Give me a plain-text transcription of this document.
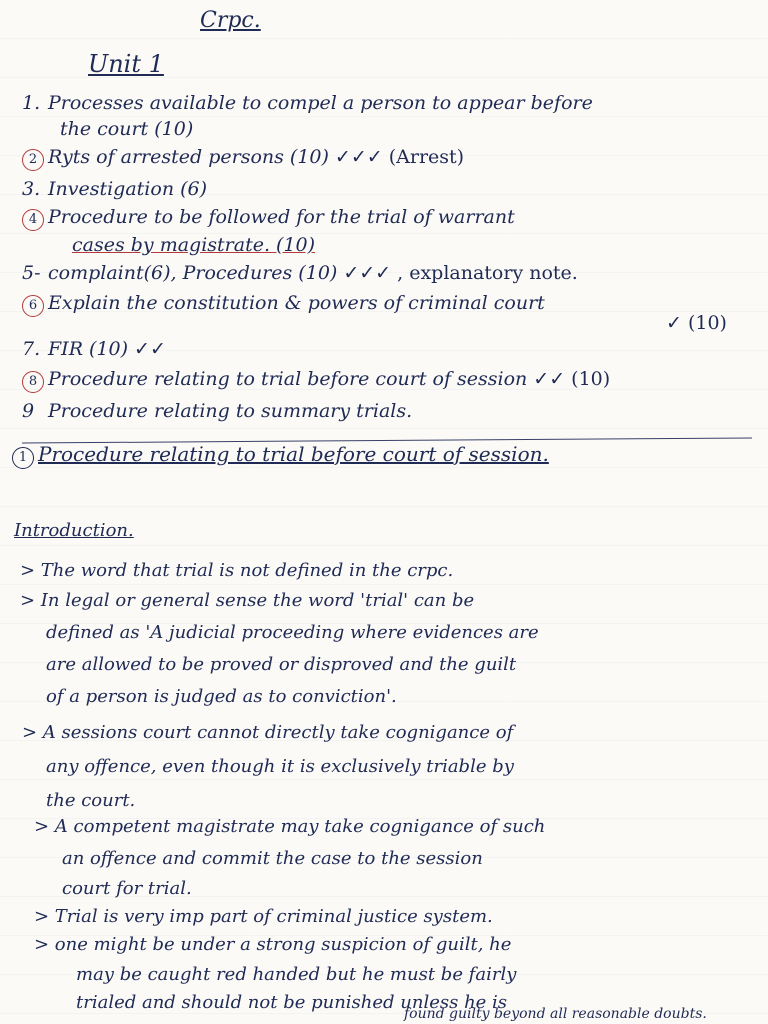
Crpc.
Unit 1
1. Processes available to compel a person to appear before
the court (10)
2 Ryts of arrested persons (10) ✓✓✓ (Arrest)
3. Investigation (6)
4 Procedure to be followed for the trial of warrant
cases by magistrate. (10)
5- complaint(6), Procedures (10) ✓✓✓ , explanatory note.
6 Explain the constitution & powers of criminal court
✓ (10)
7. FIR (10) ✓✓
8 Procedure relating to trial before court of session ✓✓ (10)
9 Procedure relating to summary trials.
1 Procedure relating to trial before court of session.
Introduction.
> The word that trial is not defined in the crpc.
> In legal or general sense the word 'trial' can be
defined as 'A judicial proceeding where evidences are
are allowed to be proved or disproved and the guilt
of a person is judged as to conviction'.
> A sessions court cannot directly take cognigance of
any offence, even though it is exclusively triable by
the court.
> A competent magistrate may take cognigance of such
an offence and commit the case to the session
court for trial.
> Trial is very imp part of criminal justice system.
> one might be under a strong suspicion of guilt, he
may be caught red handed but he must be fairly
trialed and should not be punished unless he is
found guilty beyond all reasonable doubts.
